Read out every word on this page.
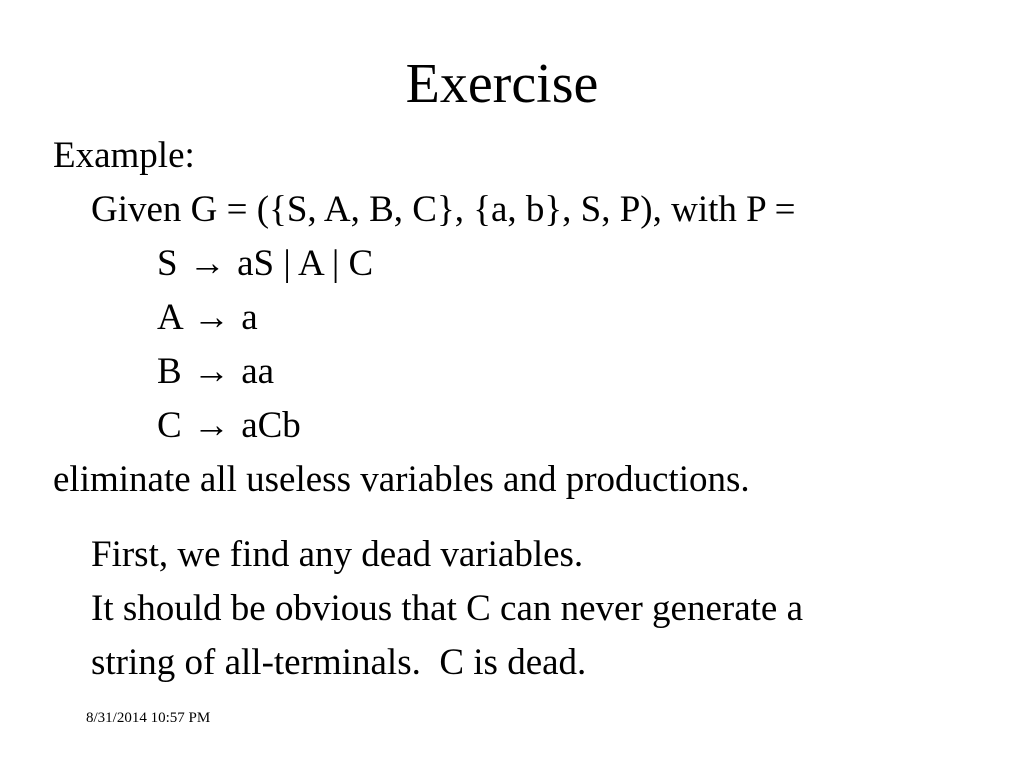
Exercise
Example:
Given G = ({S, A, B, C}, {a, b}, S, P), with P =
S → aS | A | C
A → a
B → aa
C → aCb
eliminate all useless variables and productions.
First, we find any dead variables.
It should be obvious that C can never generate a
string of all-terminals.  C is dead.
8/31/2014 10:57 PM
